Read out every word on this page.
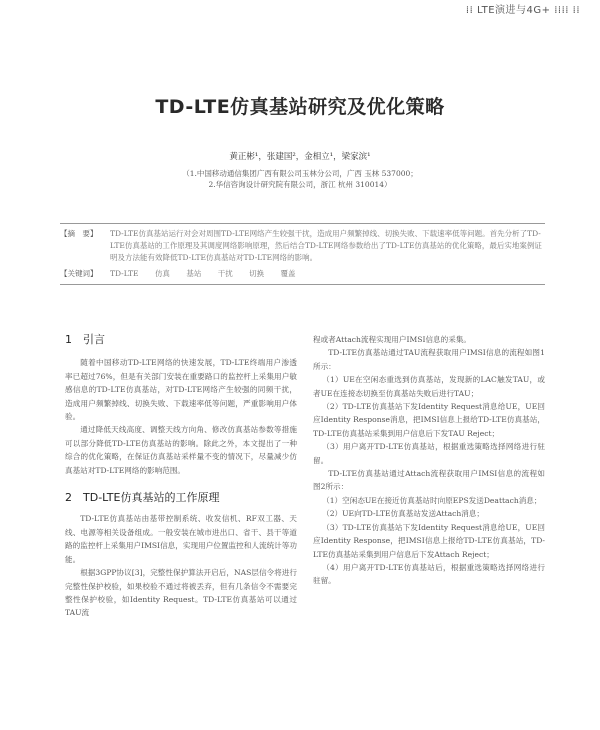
⁞⁞ LTE演进与4G+ ⁞⁞⁞⁞ ⁞⁞
TD-LTE仿真基站研究及优化策略
黄正彬¹，张建国²，金相立¹，梁家滨¹
（1.中国移动通信集团广西有限公司玉林分公司，广西 玉林 537000；
2.华信咨询设计研究院有限公司，浙江 杭州 310014）
【摘　要】	TD-LTE仿真基站运行对会对周围TD-LTE网络产生较强干扰，造成用户频繁掉线、切换失败、下载速率低等问题。首先分析了TD-LTE仿真基站的工作原理及其调度网络影响原理，然后结合TD-LTE网络参数给出了TD-LTE仿真基站的优化策略，最后实地案例证明及方法能有效降低TD-LTE仿真基站对TD-LTE网络的影响。
【关键词】	TD-LTE 仿真 基站 干扰 切换 覆盖
1　引言

随着中国移动TD-LTE网络的快速发展，TD-LTE终端用户渗透率已超过76%，但是有关部门安装在重要路口的监控杆上采集用户敏感信息的TD-LTE仿真基站，对TD-LTE网络产生较强的同频干扰，造成用户频繁掉线、切换失败、下载速率低等问题，严重影响用户体验。

通过降低天线高度、调整天线方向角、修改仿真基站参数等措施可以部分降低TD-LTE仿真基站的影响。除此之外，本文提出了一种综合的优化策略，在保证仿真基站采样量不变的情况下，尽量减少仿真基站对TD-LTE网络的影响范围。

2　TD-LTE仿真基站的工作原理

TD-LTE仿真基站由基带控制系统、收发信机、RF双工器、天线、电源等相关设备组成。一般安装在城市进出口、省干、县干等道路的监控杆上采集用户IMSI信息，实现用户位置监控和人流统计等功能。

根据3GPP协议[3]，完整性保护算法开启后，NAS层信令将进行完整性保护校验，如果校验不通过将被丢弃，但有几条信令不需要完整性保护校验，如Identity Request。TD-LTE仿真基站可以通过TAU流

程或者Attach流程实现用户IMSI信息的采集。

TD-LTE仿真基站通过TAU流程获取用户IMSI信息的流程如图1所示：

（1）UE在空闲态重选到仿真基站，发现新的LAC触发TAU，或者UE在连接态切换至仿真基站失败后进行TAU；

（2）TD-LTE仿真基站下发Identity Request消息给UE，UE回应Identity Response消息，把IMSI信息上报给TD-LTE仿真基站，TD-LTE仿真基站采集到用户信息后下发TAU Reject；

（3）用户离开TD-LTE仿真基站，根据重选策略选择网络进行驻留。

TD-LTE仿真基站通过Attach流程获取用户IMSI信息的流程如图2所示：

（1）空闲态UE在接近仿真基站时向原EPS发送Deattach消息；

（2）UE向TD-LTE仿真基站发送Attach消息；

（3）TD-LTE仿真基站下发Identity Request消息给UE，UE回应Identity Response，把IMSI信息上报给TD-LTE仿真基站，TD-LTE仿真基站采集到用户信息后下发Attach Reject；

（4）用户离开TD-LTE仿真基站后，根据重选策略选择网络进行驻留。
